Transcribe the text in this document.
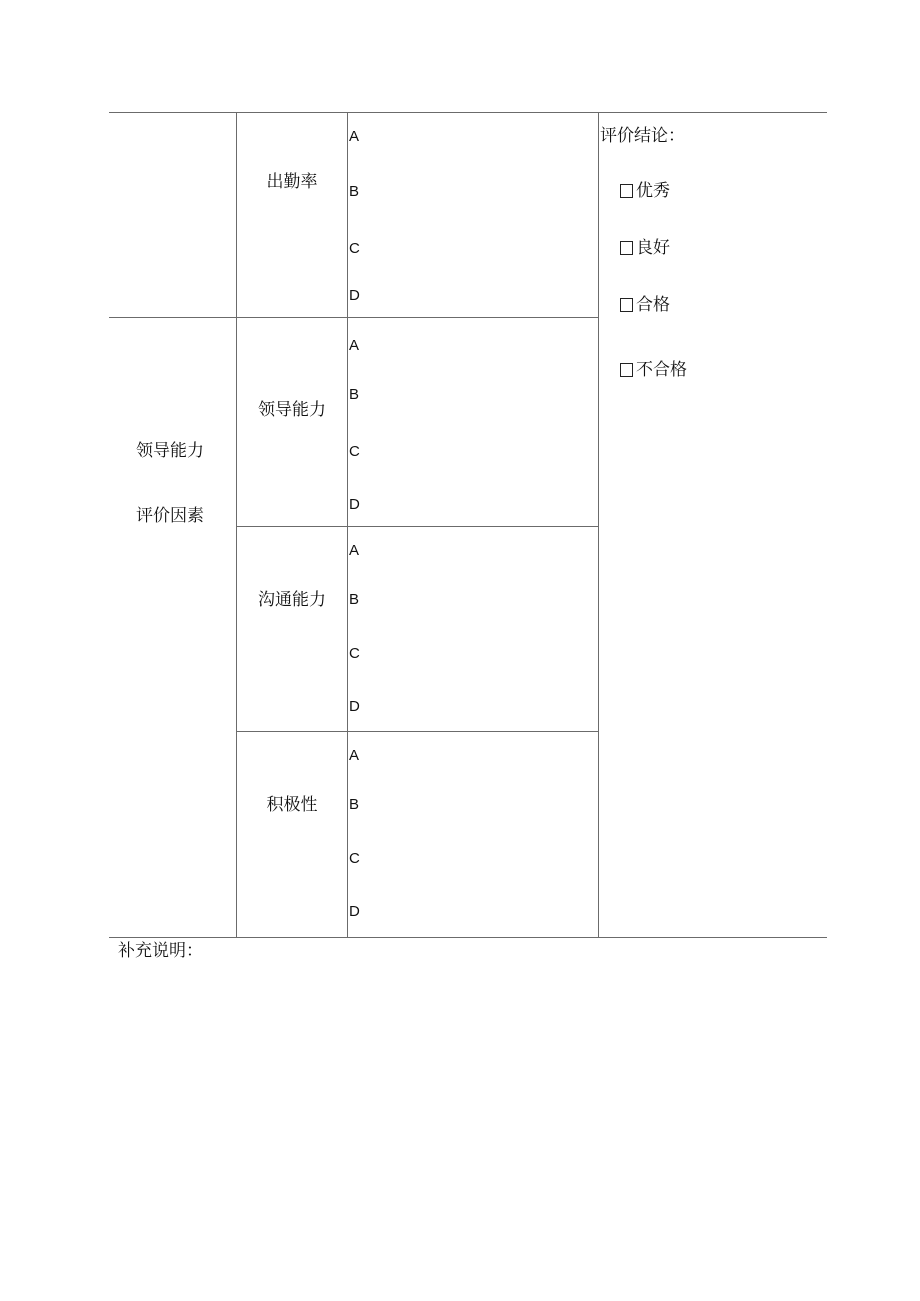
领导能力
评价因素
出勤率
领导能力
沟通能力
积极性
A
B
C
D
A
B
C
D
A
B
C
D
A
B
C
D
评价结论：
优秀
良好
合格
不合格
补充说明：
